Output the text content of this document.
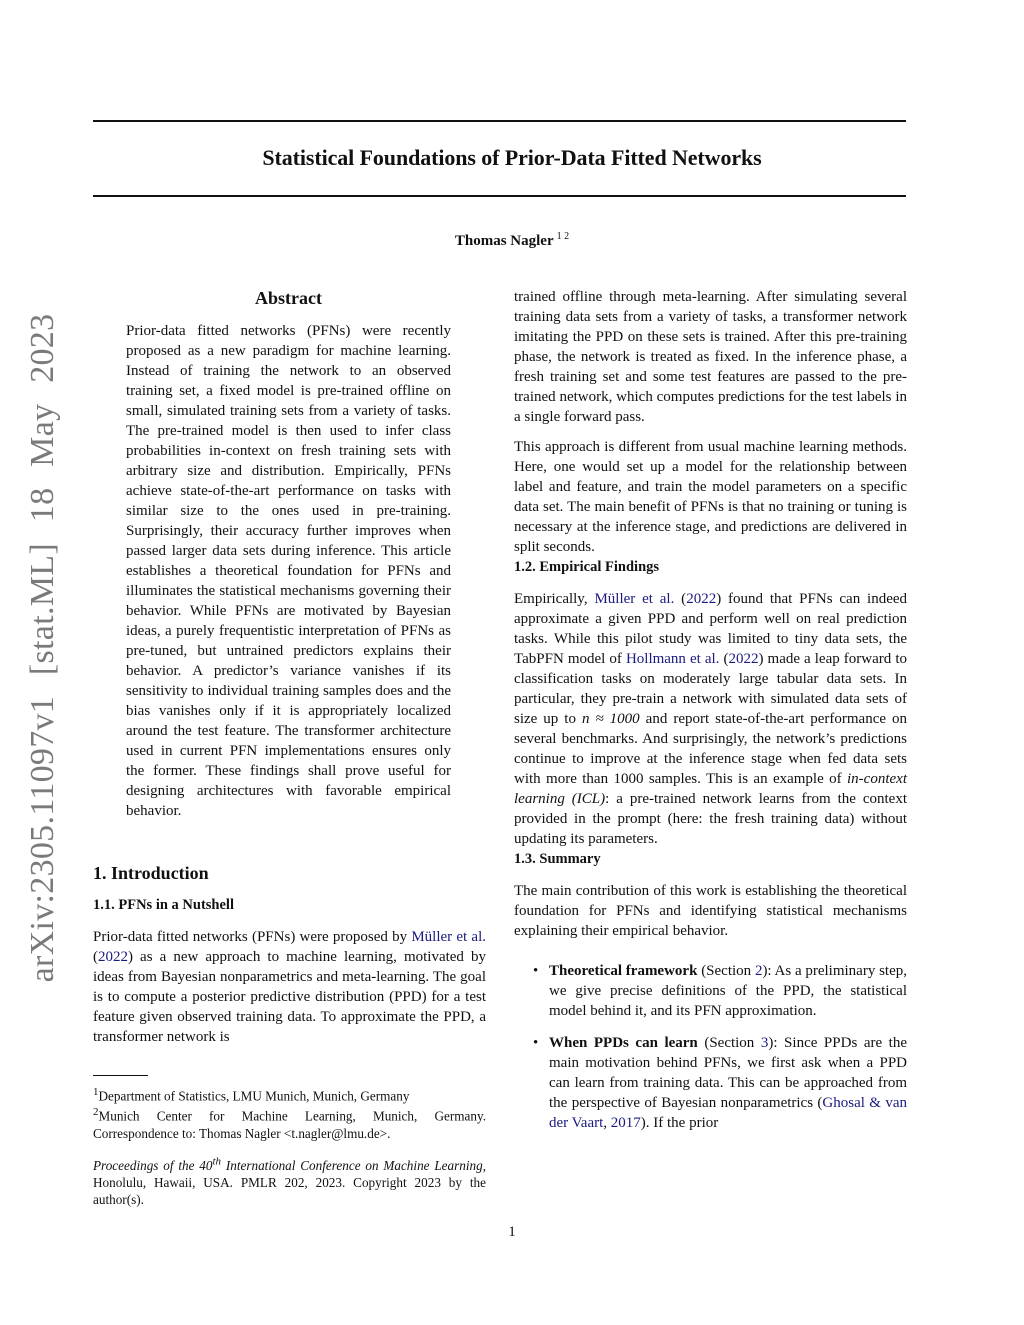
Statistical Foundations of Prior-Data Fitted Networks
Thomas Nagler $^{1 2}$
arXiv:2305.11097v1 [stat.ML] 18 May 2023
Abstract

Prior-data fitted networks (PFNs) were recently proposed as a new paradigm for machine learning. Instead of training the network to an observed training set, a fixed model is pre-trained offline on small, simulated training sets from a variety of tasks. The pre-trained model is then used to infer class probabilities in-context on fresh training sets with arbitrary size and distribution. Empirically, PFNs achieve state-of-the-art performance on tasks with similar size to the ones used in pre-training. Surprisingly, their accuracy further improves when passed larger data sets during inference. This article establishes a theoretical foundation for PFNs and illuminates the statistical mechanisms governing their behavior. While PFNs are motivated by Bayesian ideas, a purely frequentistic interpretation of PFNs as pre-tuned, but untrained predictors explains their behavior. A predictor’s variance vanishes if its sensitivity to individual training samples does and the bias vanishes only if it is appropriately localized around the test feature. The transformer architecture used in current PFN implementations ensures only the former. These findings shall prove useful for designing architectures with favorable empirical behavior.

1. Introduction
1.1. PFNs in a Nutshell

Prior-data fitted networks (PFNs) were proposed by Müller et al. (2022) as a new approach to machine learning, motivated by ideas from Bayesian nonparametrics and meta-learning. The goal is to compute a posterior predictive distribution (PPD) for a test feature given observed training data. To approximate the PPD, a transformer network is

$^1$Department of Statistics, LMU Munich, Munich, Germany

$^2$Munich Center for Machine Learning, Munich, Germany. Correspondence to: Thomas Nagler <t.nagler@lmu.de>.

Proceedings of the 40th International Conference on Machine Learning, Honolulu, Hawaii, USA. PMLR 202, 2023. Copyright 2023 by the author(s).

trained offline through meta-learning. After simulating several training data sets from a variety of tasks, a transformer network imitating the PPD on these sets is trained. After this pre-training phase, the network is treated as fixed. In the inference phase, a fresh training set and some test features are passed to the pre-trained network, which computes predictions for the test labels in a single forward pass.

This approach is different from usual machine learning methods. Here, one would set up a model for the relationship between label and feature, and train the model parameters on a specific data set. The main benefit of PFNs is that no training or tuning is necessary at the inference stage, and predictions are delivered in split seconds.

1.2. Empirical Findings

Empirically, Müller et al. (2022) found that PFNs can indeed approximate a given PPD and perform well on real prediction tasks. While this pilot study was limited to tiny data sets, the TabPFN model of Hollmann et al. (2022) made a leap forward to classification tasks on moderately large tabular data sets. In particular, they pre-train a network with simulated data sets of size up to n ≈ 1000 and report state-of-the-art performance on several benchmarks. And surprisingly, the network’s predictions continue to improve at the inference stage when fed data sets with more than 1000 samples. This is an example of in-context learning (ICL): a pre-trained network learns from the context provided in the prompt (here: the fresh training data) without updating its parameters.

1.3. Summary

The main contribution of this work is establishing the theoretical foundation for PFNs and identifying statistical mechanisms explaining their empirical behavior.

• Theoretical framework (Section 2): As a preliminary step, we give precise definitions of the PPD, the statistical model behind it, and its PFN approximation.

• When PPDs can learn (Section 3): Since PPDs are the main motivation behind PFNs, we first ask when a PPD can learn from training data. This can be approached from the perspective of Bayesian nonparametrics (Ghosal & van der Vaart, 2017). If the prior

1
